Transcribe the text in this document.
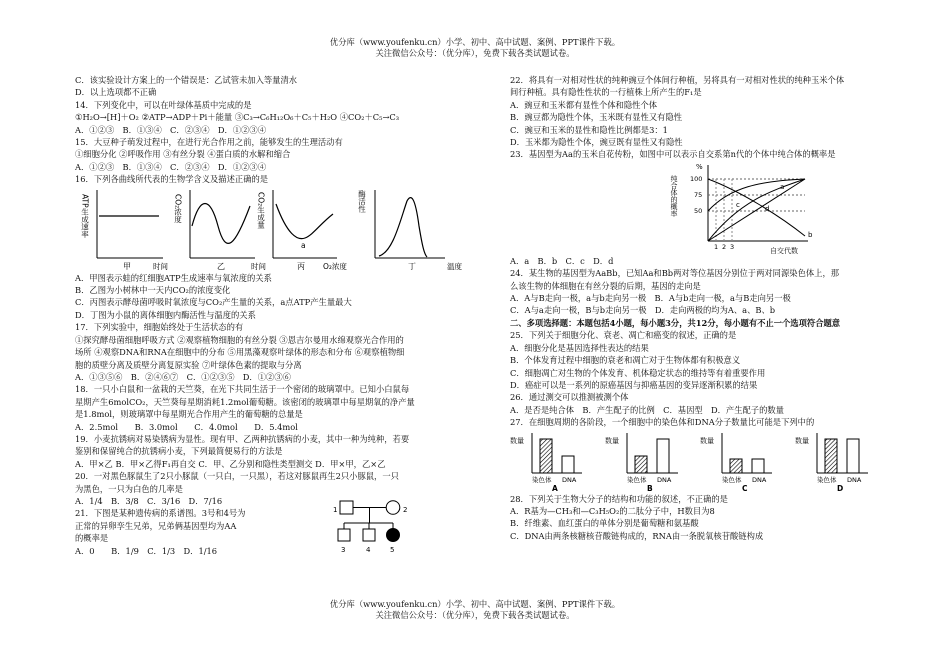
优分库（www.youfenku.cn）小学、初中、高中试题、案例、PPT课件下载。
关注微信公众号：（优分库），免费下载各类试题试卷。
C．该实验设计方案上的一个错误是：乙试管未加入等量清水
D．以上选项都不正确
14．下列变化中，可以在叶绿体基质中完成的是
①H₂O→[H]＋O₂ ②ATP→ADP＋Pi＋能量 ③C₃→C₆H₁₂O₆＋C₅＋H₂O ④CO₂＋C₅→C₃
A．①②③　B．①③④　C．②③④　D．①②③④
15．大豆种子萌发过程中，在进行光合作用之前，能够发生的生理活动有
①细胞分化 ②呼吸作用 ③有丝分裂 ④蛋白质的水解和缩合
A．①②③　B．①③④　C．②③④　D．①②③④
16．下列各曲线所代表的生物学含义及描述正确的是
ATP生成速率
甲
CO₂浓度
乙	时间
CO₂生成量
a
丙 O₂浓度
酶活性
丁	温度
时间
A．甲图表示蛙的红细胞ATP生成速率与氧浓度的关系
B．乙图为小树林中一天内CO₂的浓度变化
C．丙图表示酵母菌呼吸时氧浓度与CO₂产生量的关系，a点ATP产生量最大
D．丁图为小鼠的离体细胞内酶活性与温度的关系
17．下列实验中，细胞始终处于生活状态的有
①探究酵母菌细胞呼吸方式 ②观察植物细胞的有丝分裂 ③恩吉尔曼用水绵观察光合作用的
场所 ④观察DNA和RNA在细胞中的分布 ⑤用黑藻观察叶绿体的形态和分布 ⑥观察植物细
胞的质壁分离及质壁分离复原实验 ⑦叶绿体色素的提取与分离
A．①③⑤⑥　B．②④⑥⑦　C．①②③⑤　D．①②③⑥
18．一只小白鼠和一盆栽的天竺葵，在光下共同生活于一个密闭的玻璃罩中。已知小白鼠每
星期产生6molCO₂，天竺葵每星期消耗1.2mol葡萄糖。该密闭的玻璃罩中每星期氧的净产量
是1.8mol，则玻璃罩中每星期光合作用产生的葡萄糖的总量是
A．2.5mol　　B．3.0mol　　C．4.0mol　　D．5.4mol
19．小麦抗锈病对易染锈病为显性。现有甲、乙两种抗锈病的小麦，其中一种为纯种，若要
鉴别和保留纯合的抗锈病小麦，下列最简便易行的方法是
A．甲×乙 B．甲×乙得F₁再自交 C．甲、乙分别和隐性类型测交 D．甲×甲，乙×乙
20．一对黑色豚鼠生了2只小豚鼠（一只白，一只黑），若这对豚鼠再生2只小豚鼠，一只
为黑色，一只为白色的几率是
A．1/4　B．3/8　C．3/16　D．7/16
21．下图是某种遗传病的系谱图。3号和4号为
正常的异卵孪生兄弟，兄弟俩基因型均为AA
的概率是
A．0　　B．1/9　C．1/3　D．1/16
1	2
3	4	5
22．将具有一对相对性状的纯种豌豆个体间行种植，另将具有一对相对性状的纯种玉米个体
间行种植。具有隐性性状的一行植株上所产生的F₁是
A．豌豆和玉米都有显性个体和隐性个体
B．豌豆都为隐性个体，玉米既有显性又有隐性
C．豌豆和玉米的显性和隐性比例都是3：1
D．玉米都为隐性个体，豌豆既有显性又有隐性
23．基因型为Aa的玉米自花传粉，如图中可以表示自交系第n代的个体中纯合体的概率是
纯合体的概率
%
100
75
50
1 2 3	自交代数
a
b
c	d
A．a　B．b　C．c　D．d
24．某生物的基因型为AaBb，已知Aa和Bb两对等位基因分别位于两对同源染色体上，那
么该生物的体细胞在有丝分裂的后期，基因的走向是
A．A与B走向一极，a与b走向另一极　B．A与b走向一极，a与B走向另一极
C．A与a走向一极，B与b走向另一极　D．走向两极的均为A、a、B、b
二、多项选择题：本题包括4小题，每小题3分，共12分，每小题有不止一个选项符合题意
25．下列关于细胞分化、衰老、凋亡和癌变的叙述，正确的是
A．细胞分化是基因选择性表达的结果
B．个体发育过程中细胞的衰老和凋亡对于生物体都有积极意义
C．细胞凋亡对生物的个体发育、机体稳定状态的维持等有着重要作用
D．癌症可以是一系列的原癌基因与抑癌基因的变异逐渐积累的结果
26．通过测交可以推测被测个体
A．是否是纯合体　B．产生配子的比例　C．基因型　D．产生配子的数量
27．在细胞周期的各阶段，一个细胞中的染色体和DNA分子数量比可能是下列中的
数量
染色体 DNA
A
数量
染色体 DNA
B
数量
染色体 DNA
C
数量
染色体 DNA
D
28．下列关于生物大分子的结构和功能的叙述，不正确的是
A．R基为—CH₃和—C₃H₅O₂的二肽分子中，H数目为8
B．纤维素、血红蛋白的单体分别是葡萄糖和氨基酸
C．DNA由两条核糖核苷酸链构成的，RNA由一条脱氧核苷酸链构成
优分库（www.youfenku.cn）小学、初中、高中试题、案例、PPT课件下载。
关注微信公众号：（优分库），免费下载各类试题试卷。
